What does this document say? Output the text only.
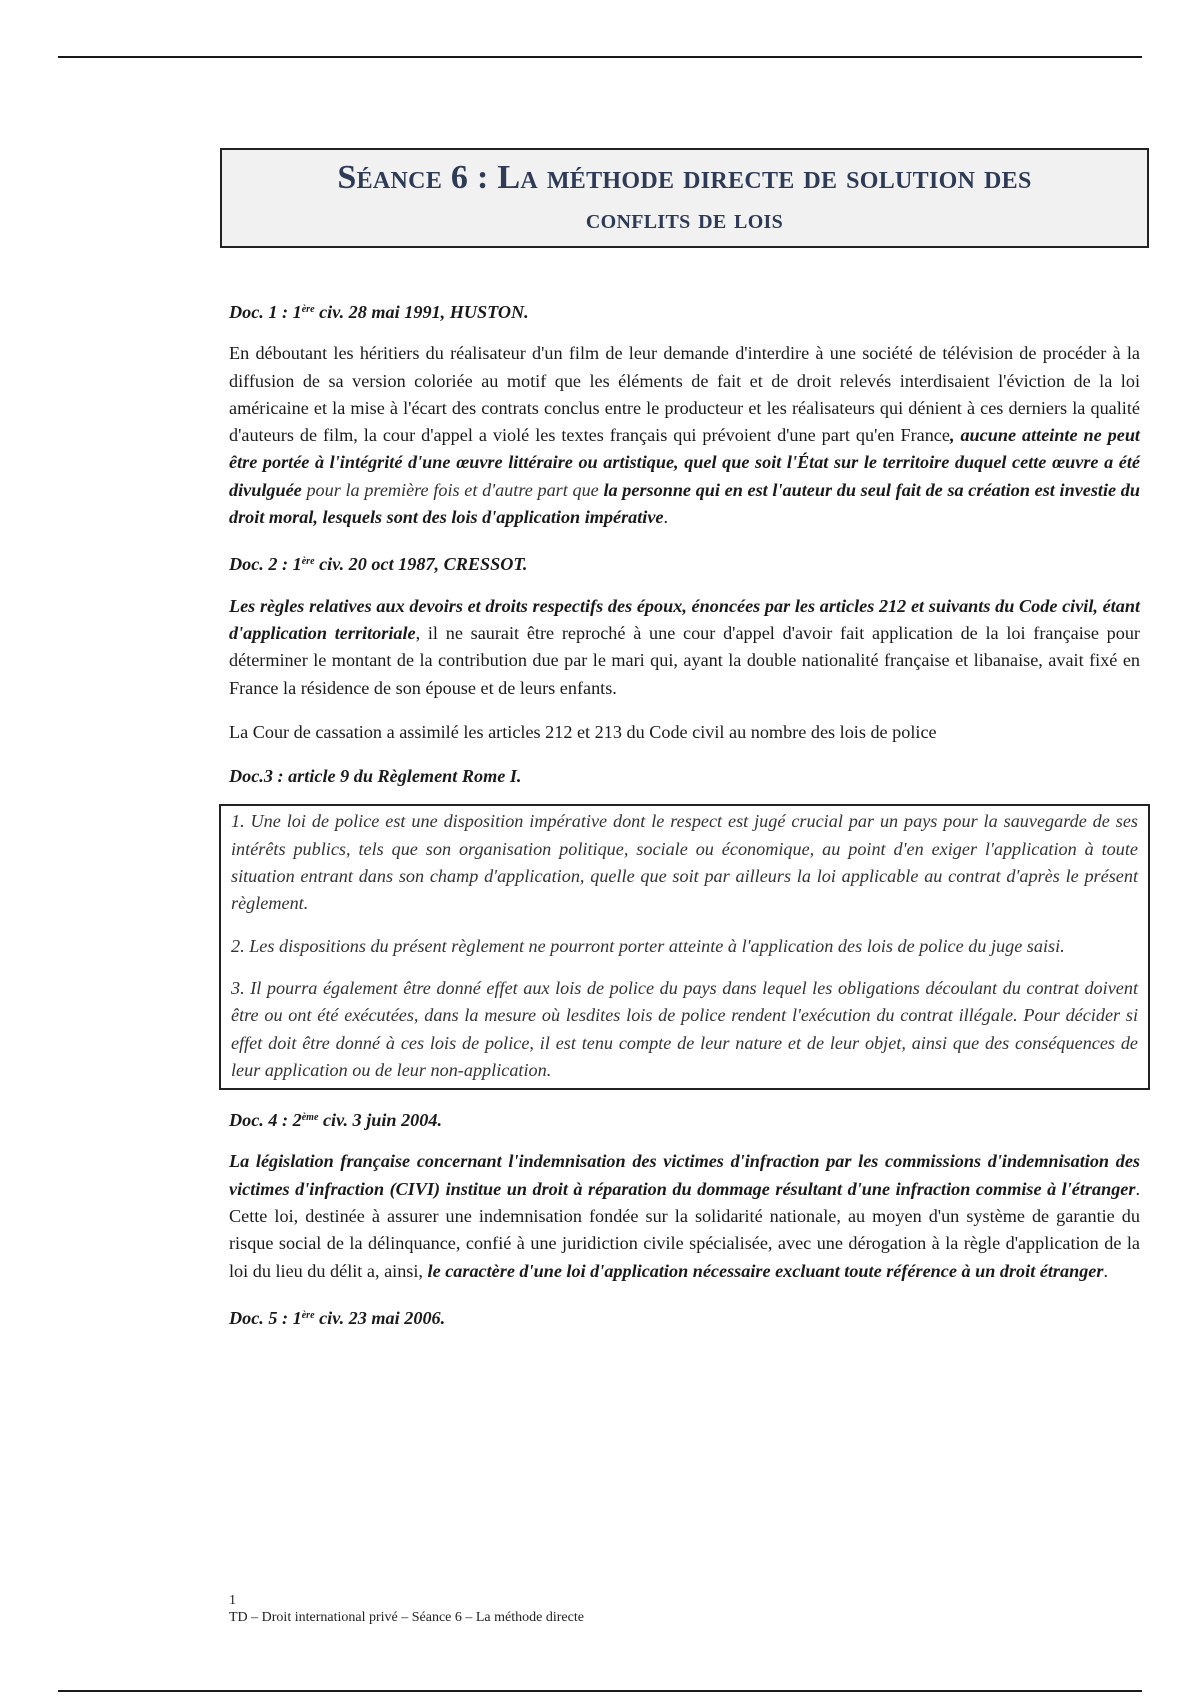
Séance 6 : La méthode directe de solution des
conflits de lois

Doc. 1 : 1ère civ. 28 mai 1991, HUSTON.

En déboutant les héritiers du réalisateur d'un film de leur demande d'interdire à une société de télévision de procéder à la diffusion de sa version coloriée au motif que les éléments de fait et de droit relevés interdisaient l'éviction de la loi américaine et la mise à l'écart des contrats conclus entre le producteur et les réalisateurs qui dénient à ces derniers la qualité d'auteurs de film, la cour d'appel a violé les textes français qui prévoient d'une part qu'en France, aucune atteinte ne peut être portée à l'intégrité d'une œuvre littéraire ou artistique, quel que soit l'État sur le territoire duquel cette œuvre a été divulguée pour la première fois et d'autre part que la personne qui en est l'auteur du seul fait de sa création est investie du droit moral, lesquels sont des lois d'application impérative.

Doc. 2 : 1ère civ. 20 oct 1987, CRESSOT.

Les règles relatives aux devoirs et droits respectifs des époux, énoncées par les articles 212 et suivants du Code civil, étant d'application territoriale, il ne saurait être reproché à une cour d'appel d'avoir fait application de la loi française pour déterminer le montant de la contribution due par le mari qui, ayant la double nationalité française et libanaise, avait fixé en France la résidence de son épouse et de leurs enfants.

La Cour de cassation a assimilé les articles 212 et 213 du Code civil au nombre des lois de police

Doc.3 : article 9 du Règlement Rome I.

1. Une loi de police est une disposition impérative dont le respect est jugé crucial par un pays pour la sauvegarde de ses intérêts publics, tels que son organisation politique, sociale ou économique, au point d'en exiger l'application à toute situation entrant dans son champ d'application, quelle que soit par ailleurs la loi applicable au contrat d'après le présent règlement.

2. Les dispositions du présent règlement ne pourront porter atteinte à l'application des lois de police du juge saisi.

3. Il pourra également être donné effet aux lois de police du pays dans lequel les obligations découlant du contrat doivent être ou ont été exécutées, dans la mesure où lesdites lois de police rendent l'exécution du contrat illégale. Pour décider si effet doit être donné à ces lois de police, il est tenu compte de leur nature et de leur objet, ainsi que des conséquences de leur application ou de leur non-application.

Doc. 4 : 2ème civ. 3 juin 2004.

La législation française concernant l'indemnisation des victimes d'infraction par les commissions d'indemnisation des victimes d'infraction (CIVI) institue un droit à réparation du dommage résultant d'une infraction commise à l'étranger. Cette loi, destinée à assurer une indemnisation fondée sur la solidarité nationale, au moyen d'un système de garantie du risque social de la délinquance, confié à une juridiction civile spécialisée, avec une dérogation à la règle d'application de la loi du lieu du délit a, ainsi, le caractère d'une loi d'application nécessaire excluant toute référence à un droit étranger.

Doc. 5 : 1ère civ. 23 mai 2006.

1
TD – Droit international privé – Séance 6 – La méthode directe
